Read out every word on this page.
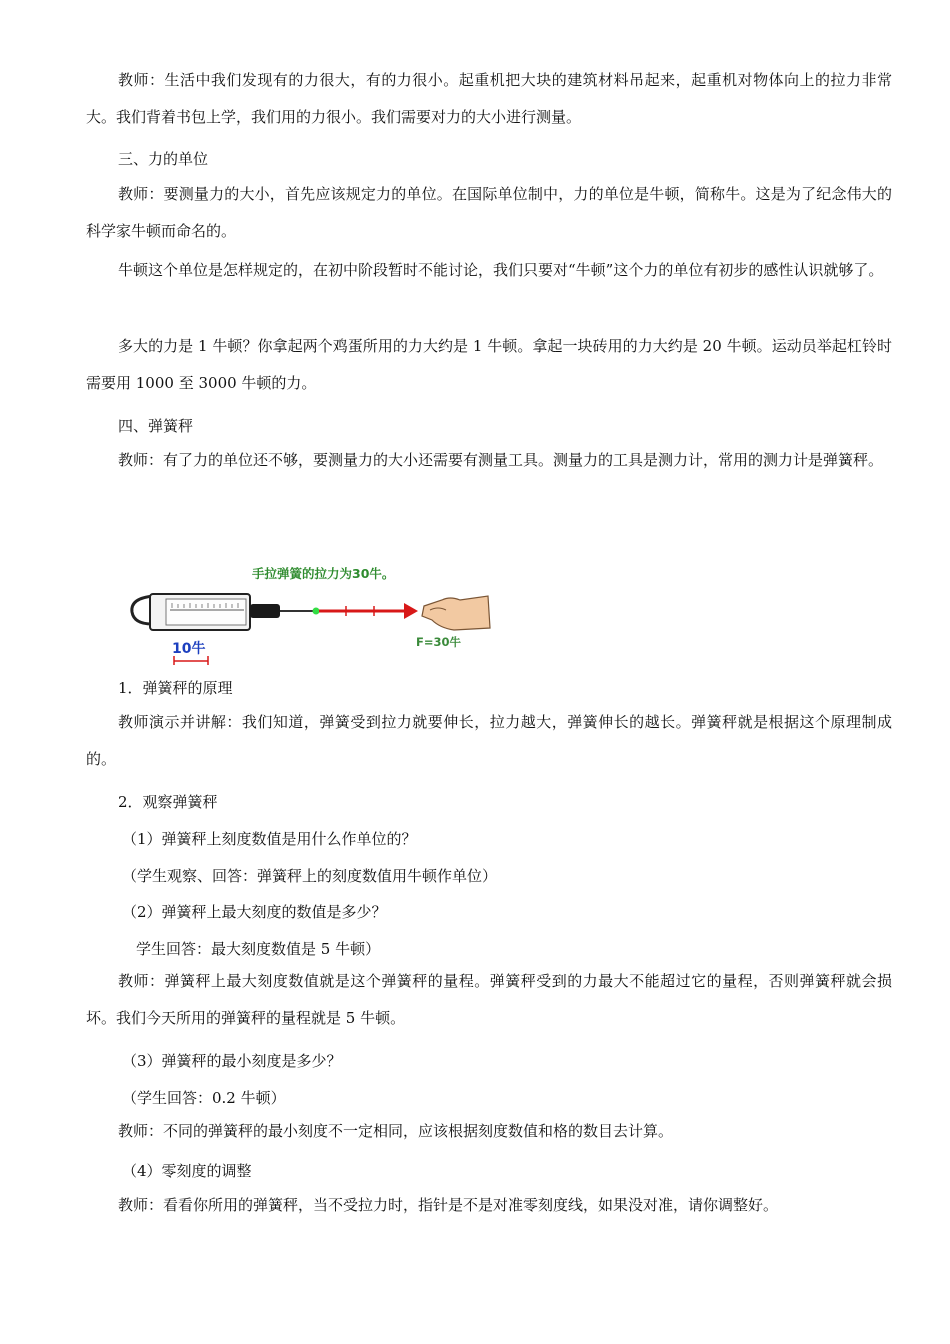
教师：生活中我们发现有的力很大，有的力很小。起重机把大块的建筑材料吊起来，起重机对物体向上的拉力非常大。我们背着书包上学，我们用的力很小。我们需要对力的大小进行测量。

三、力的单位

教师：要测量力的大小，首先应该规定力的单位。在国际单位制中，力的单位是牛顿，简称牛。这是为了纪念伟大的科学家牛顿而命名的。

牛顿这个单位是怎样规定的，在初中阶段暂时不能讨论，我们只要对“牛顿”这个力的单位有初步的感性认识就够了。

多大的力是 1 牛顿？你拿起两个鸡蛋所用的力大约是 1 牛顿。拿起一块砖用的力大约是 20 牛顿。运动员举起杠铃时需要用 1000 至 3000 牛顿的力。

四、弹簧秤

教师：有了力的单位还不够，要测量力的大小还需要有测量工具。测量力的工具是测力计，常用的测力计是弹簧秤。

手拉弹簧的拉力为30牛。
10牛	F=30牛

1．弹簧秤的原理

教师演示并讲解：我们知道，弹簧受到拉力就要伸长，拉力越大，弹簧伸长的越长。弹簧秤就是根据这个原理制成的。

2．观察弹簧秤

（1）弹簧秤上刻度数值是用什么作单位的？

（学生观察、回答：弹簧秤上的刻度数值用牛顿作单位）

（2）弹簧秤上最大刻度的数值是多少？

学生回答：最大刻度数值是 5 牛顿）

教师：弹簧秤上最大刻度数值就是这个弹簧秤的量程。弹簧秤受到的力最大不能超过它的量程，否则弹簧秤就会损坏。我们今天所用的弹簧秤的量程就是 5 牛顿。

（3）弹簧秤的最小刻度是多少？

（学生回答：0.2 牛顿）

教师：不同的弹簧秤的最小刻度不一定相同，应该根据刻度数值和格的数目去计算。

（4）零刻度的调整

教师：看看你所用的弹簧秤，当不受拉力时，指针是不是对准零刻度线，如果没对准，请你调整好。
